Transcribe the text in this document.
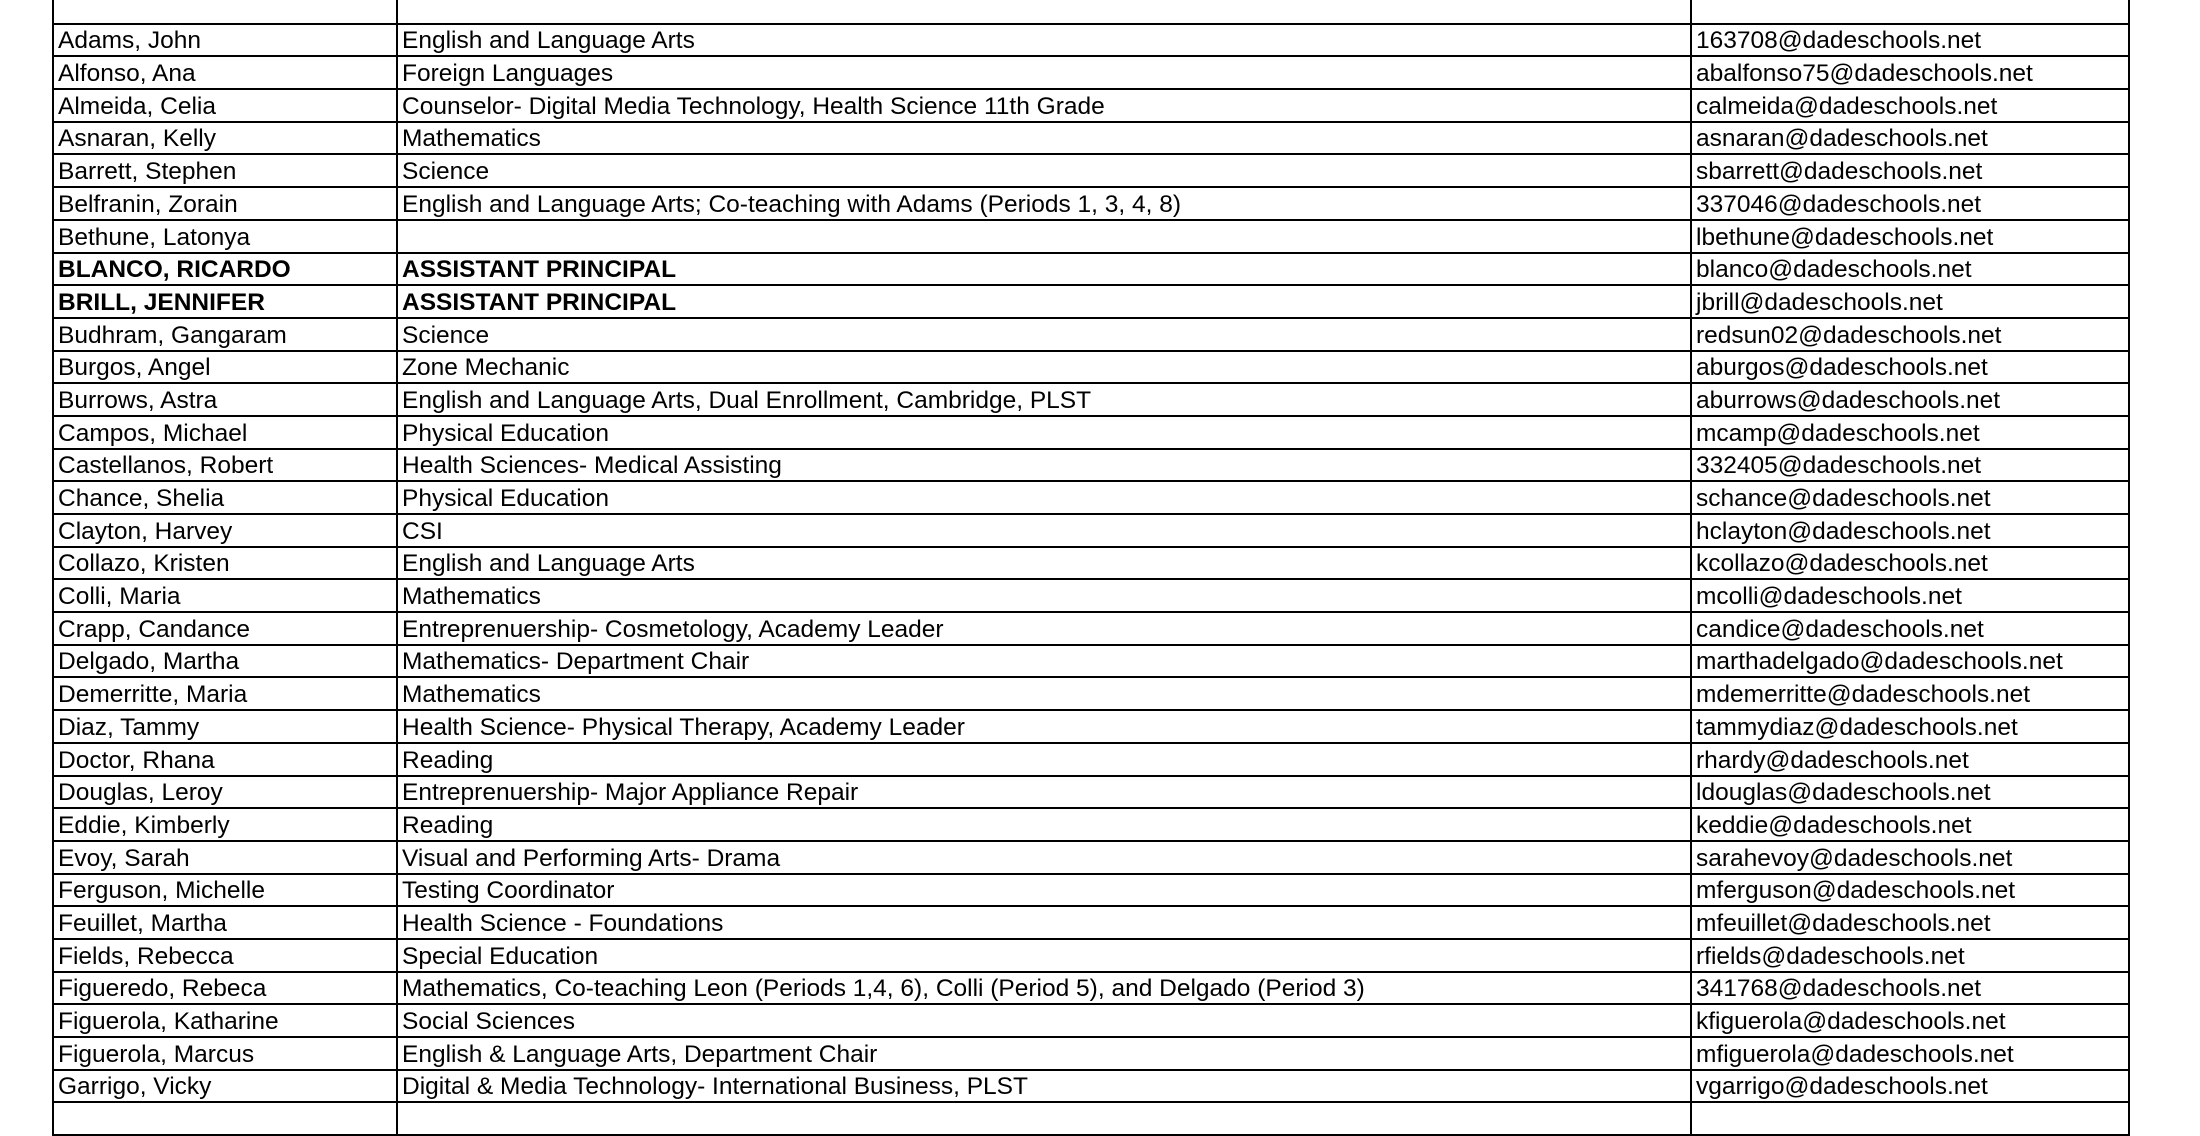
Adams, John	English and Language Arts	163708@dadeschools.net
Alfonso, Ana	Foreign Languages	abalfonso75@dadeschools.net
Almeida, Celia	Counselor- Digital Media Technology, Health Science 11th Grade	calmeida@dadeschools.net
Asnaran, Kelly	Mathematics	asnaran@dadeschools.net
Barrett, Stephen	Science	sbarrett@dadeschools.net
Belfranin, Zorain	English and Language Arts; Co-teaching with Adams (Periods 1, 3, 4, 8)	337046@dadeschools.net
Bethune, Latonya		lbethune@dadeschools.net
BLANCO, RICARDO	ASSISTANT PRINCIPAL	blanco@dadeschools.net
BRILL, JENNIFER	ASSISTANT PRINCIPAL	jbrill@dadeschools.net
Budhram, Gangaram	Science	redsun02@dadeschools.net
Burgos, Angel	Zone Mechanic	aburgos@dadeschools.net
Burrows, Astra	English and Language Arts, Dual Enrollment, Cambridge, PLST	aburrows@dadeschools.net
Campos, Michael	Physical Education	mcamp@dadeschools.net
Castellanos, Robert	Health Sciences- Medical Assisting	332405@dadeschools.net
Chance, Shelia	Physical Education	schance@dadeschools.net
Clayton, Harvey	CSI	hclayton@dadeschools.net
Collazo, Kristen	English and Language Arts	kcollazo@dadeschools.net
Colli, Maria	Mathematics	mcolli@dadeschools.net
Crapp, Candance	Entreprenuership- Cosmetology, Academy Leader	candice@dadeschools.net
Delgado, Martha	Mathematics- Department Chair	marthadelgado@dadeschools.net
Demerritte, Maria	Mathematics	mdemerritte@dadeschools.net
Diaz, Tammy	Health Science- Physical Therapy, Academy Leader	tammydiaz@dadeschools.net
Doctor, Rhana	Reading	rhardy@dadeschools.net
Douglas, Leroy	Entreprenuership- Major Appliance Repair	ldouglas@dadeschools.net
Eddie, Kimberly	Reading	keddie@dadeschools.net
Evoy, Sarah	Visual and Performing Arts- Drama	sarahevoy@dadeschools.net
Ferguson, Michelle	Testing Coordinator	mferguson@dadeschools.net
Feuillet, Martha	Health Science - Foundations	mfeuillet@dadeschools.net
Fields, Rebecca	Special Education	rfields@dadeschools.net
Figueredo, Rebeca	Mathematics, Co-teaching Leon (Periods 1,4, 6), Colli (Period 5), and Delgado (Period 3)	341768@dadeschools.net
Figuerola, Katharine	Social Sciences	kfiguerola@dadeschools.net
Figuerola, Marcus	English & Language Arts, Department Chair	mfiguerola@dadeschools.net
Garrigo, Vicky	Digital & Media Technology- International Business, PLST	vgarrigo@dadeschools.net
